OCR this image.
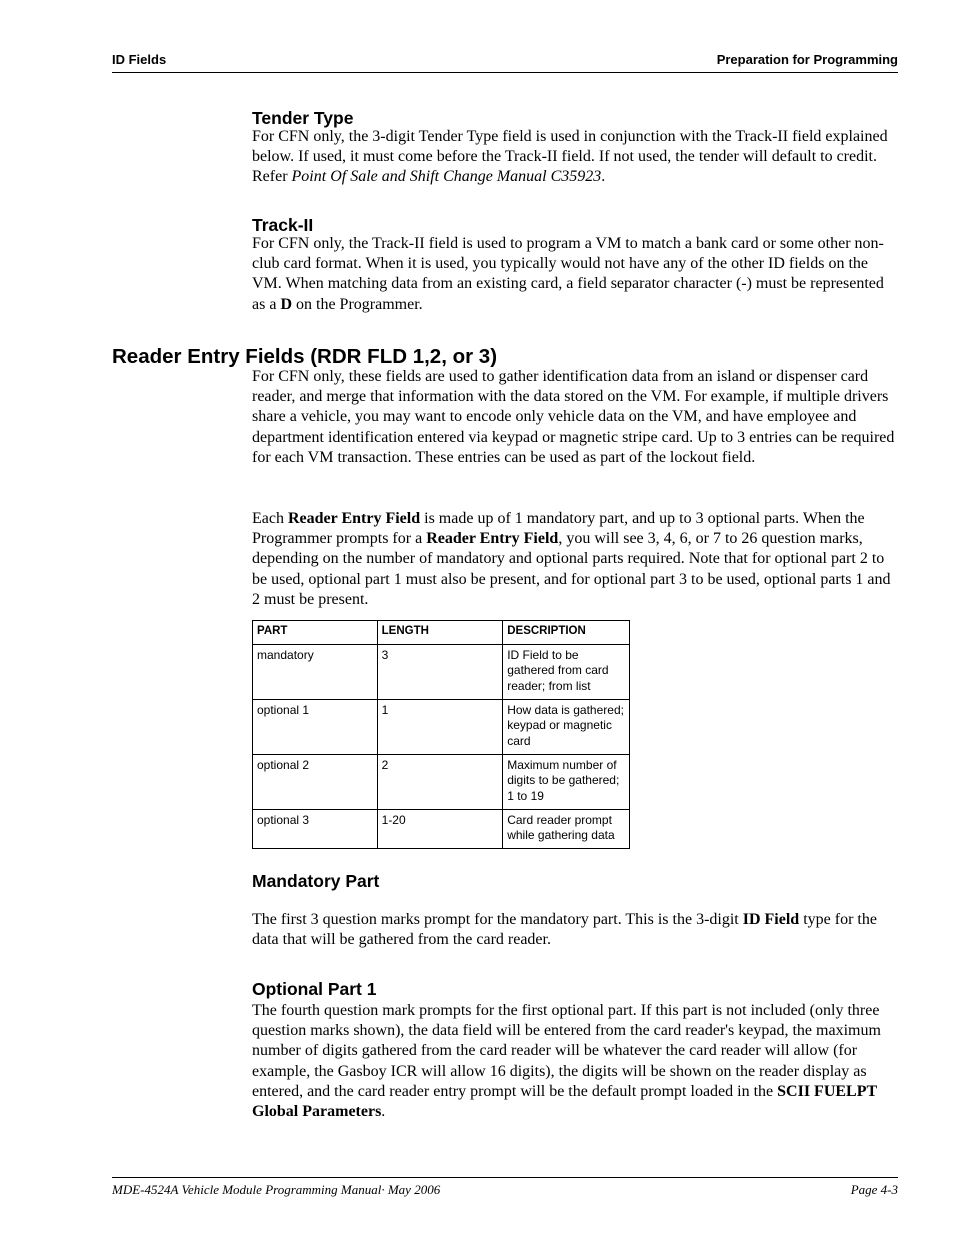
ID Fields	Preparation for Programming
Tender Type

For CFN only, the 3-digit Tender Type field is used in conjunction with the Track-II field explained below. If used, it must come before the Track-II field. If not used, the tender will default to credit. Refer Point Of Sale and Shift Change Manual C35923.

Track-II

For CFN only, the Track-II field is used to program a VM to match a bank card or some other non-club card format. When it is used, you typically would not have any of the other ID fields on the VM. When matching data from an existing card, a field separator character (-) must be represented as a D on the Programmer.

Reader Entry Fields (RDR FLD 1,2, or 3)

For CFN only, these fields are used to gather identification data from an island or dispenser card reader, and merge that information with the data stored on the VM. For example, if multiple drivers share a vehicle, you may want to encode only vehicle data on the VM, and have employee and department identification entered via keypad or magnetic stripe card. Up to 3 entries can be required for each VM transaction. These entries can be used as part of the lockout field.

Each Reader Entry Field is made up of 1 mandatory part, and up to 3 optional parts. When the Programmer prompts for a Reader Entry Field, you will see 3, 4, 6, or 7 to 26 question marks, depending on the number of mandatory and optional parts required. Note that for optional part 2 to be used, optional part 1 must also be present, and for optional part 3 to be used, optional parts 1 and 2 must be present.

PART	LENGTH	DESCRIPTION
mandatory	3	ID Field to be gathered from card reader; from list
optional 1	1	How data is gathered; keypad or magnetic card
optional 2	2	Maximum number of digits to be gathered; 1 to 19
optional 3	1-20	Card reader prompt while gathering data
Mandatory Part

The first 3 question marks prompt for the mandatory part. This is the 3-digit ID Field type for the data that will be gathered from the card reader.

Optional Part 1

The fourth question mark prompts for the first optional part. If this part is not included (only three question marks shown), the data field will be entered from the card reader's keypad, the maximum number of digits gathered from the card reader will be whatever the card reader will allow (for example, the Gasboy ICR will allow 16 digits), the digits will be shown on the reader display as entered, and the card reader entry prompt will be the default prompt loaded in the SCII FUELPT Global Parameters.

MDE-4524A Vehicle Module Programming Manual· May 2006	Page 4-3
